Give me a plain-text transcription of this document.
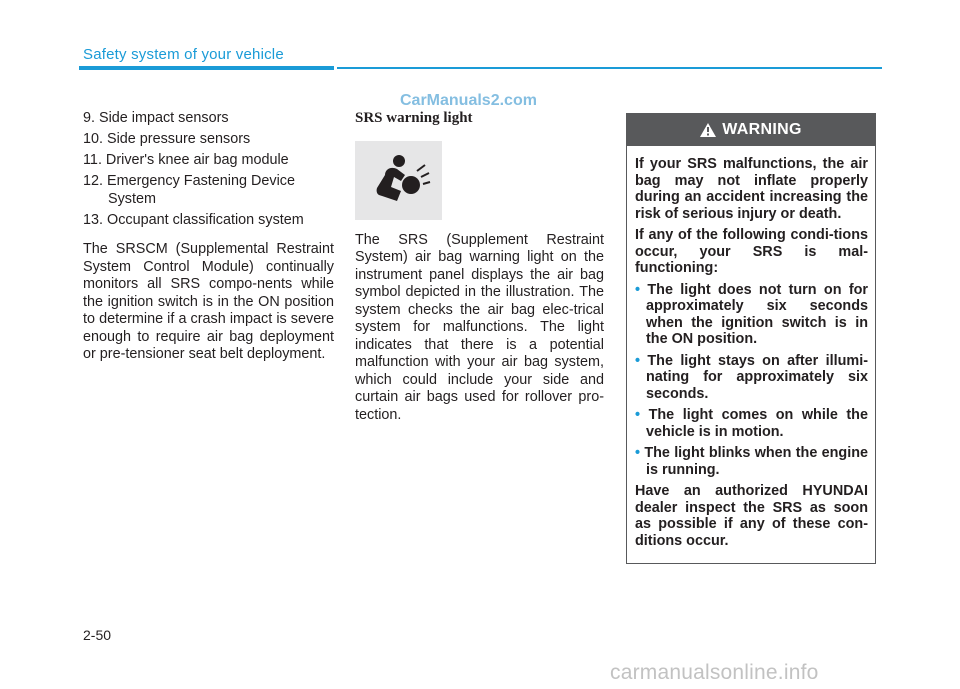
Safety system of your vehicle
CarManuals2.com
9. Side impact sensors
10. Side pressure sensors
11. Driver's knee air bag module
12. Emergency Fastening Device System
13. Occupant classification system
The SRSCM (Supplemental Restraint System Control Module) continually monitors all SRS compo-nents while the ignition switch is in the ON position to determine if a crash impact is severe enough to require air bag deployment or pre-tensioner seat belt deployment.
SRS warning light
The SRS (Supplement Restraint System) air bag warning light on the instrument panel displays the air bag symbol depicted in the illustration. The system checks the air bag elec-trical system for malfunctions. The light indicates that there is a potential malfunction with your air bag system, which could include your side and curtain air bags used for rollover pro-tection.
WARNING

If your SRS malfunctions, the air bag may not inflate properly during an accident increasing the risk of serious injury or death.

If any of the following condi-tions occur, your SRS is mal-functioning:

• The light does not turn on for approximately six seconds when the ignition switch is in the ON position.
• The light stays on after illumi-nating for approximately six seconds.
• The light comes on while the vehicle is in motion.
• The light blinks when the engine is running.

Have an authorized HYUNDAI dealer inspect the SRS as soon as possible if any of these con-ditions occur.

2-50
carmanualsonline.info
